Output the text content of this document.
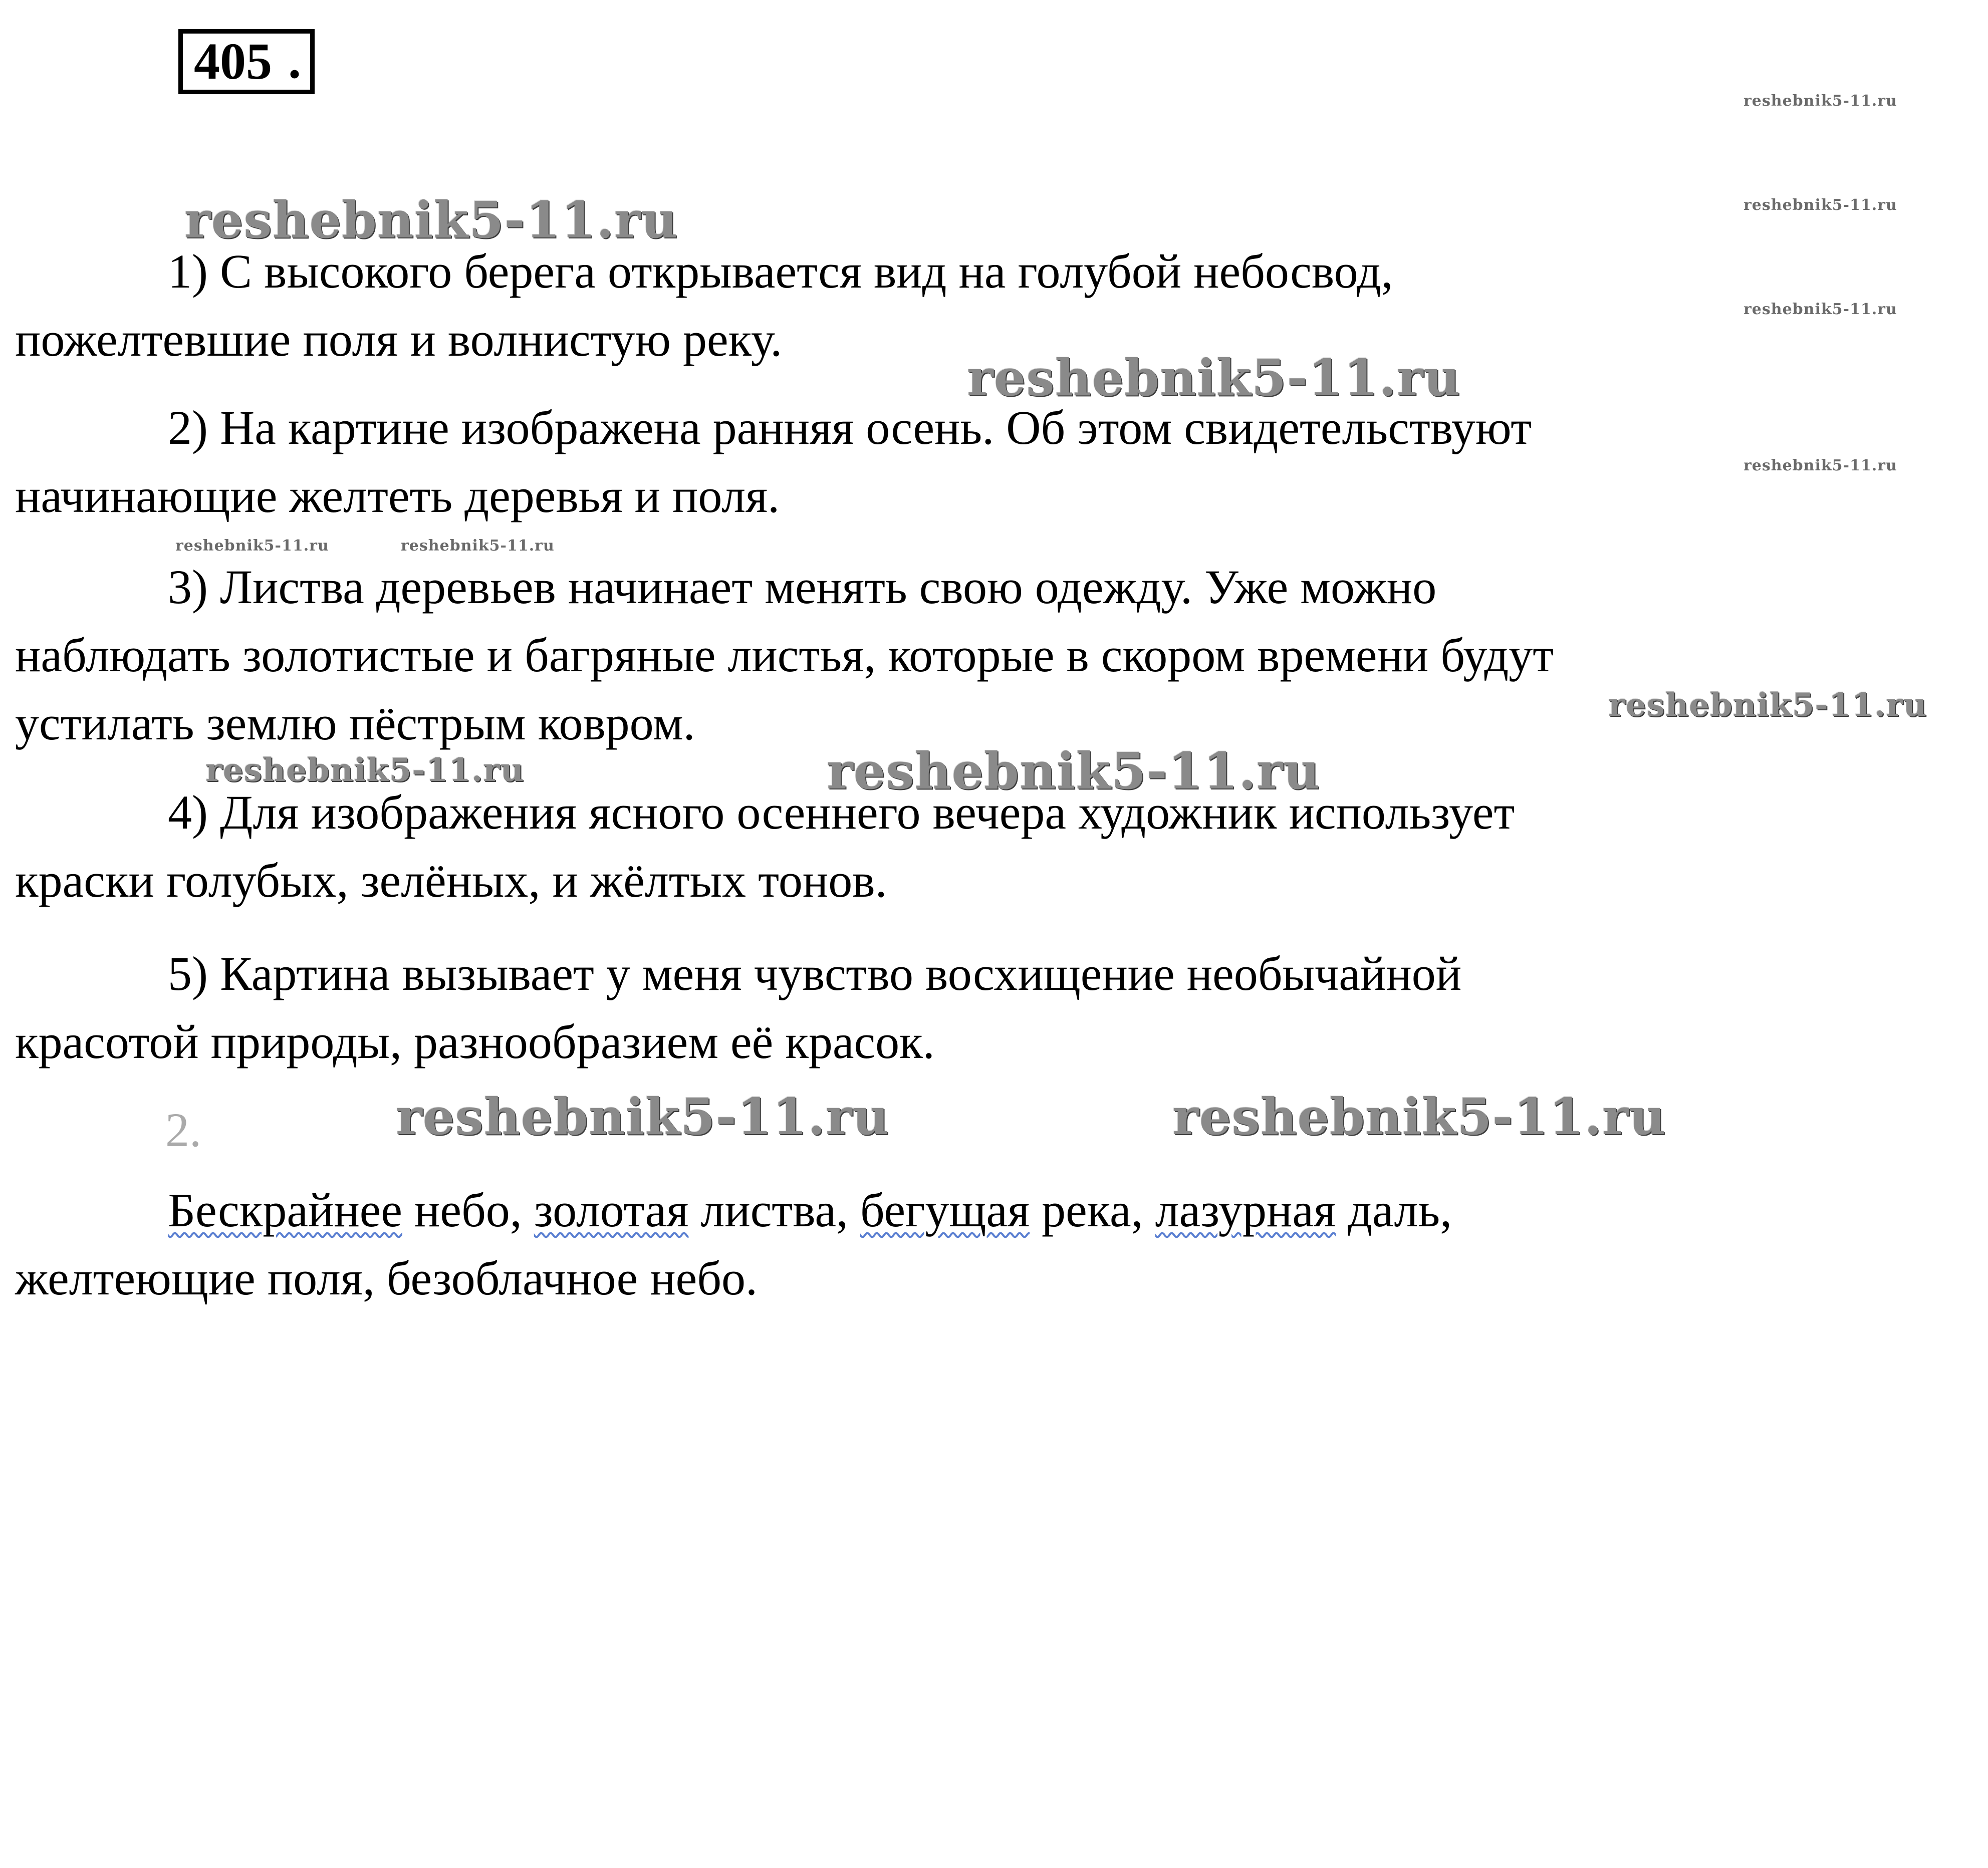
405 .
reshebnik5-11.ru
reshebnik5-11.ru
reshebnik5-11.ru
reshebnik5-11.ru
reshebnik5-11.ru	reshebnik5-11.ru
reshebnik5-11.ru
reshebnik5-11.ru
reshebnik5-11.ru
reshebnik5-11.ru	reshebnik5-11.ru
reshebnik5-11.ru	reshebnik5-11.ru
1) С высокого берега открывается вид на голубой небосвод,
пожелтевшие поля и волнистую реку.
2) На картине изображена ранняя осень. Об этом свидетельствуют
начинающие желтеть деревья и поля.
3) Листва деревьев начинает менять свою одежду. Уже можно
наблюдать золотистые и багряные листья, которые в скором времени будут
устилать землю пёстрым ковром.
4) Для изображения ясного осеннего вечера художник использует
краски голубых, зелёных, и жёлтых тонов.
5) Картина вызывает у меня чувство восхищение необычайной
красотой природы, разнообразием её красок.
2.
Бескрайнее небо, золотая листва, бегущая река, лазурная даль,
желтеющие поля, безоблачное небо.
